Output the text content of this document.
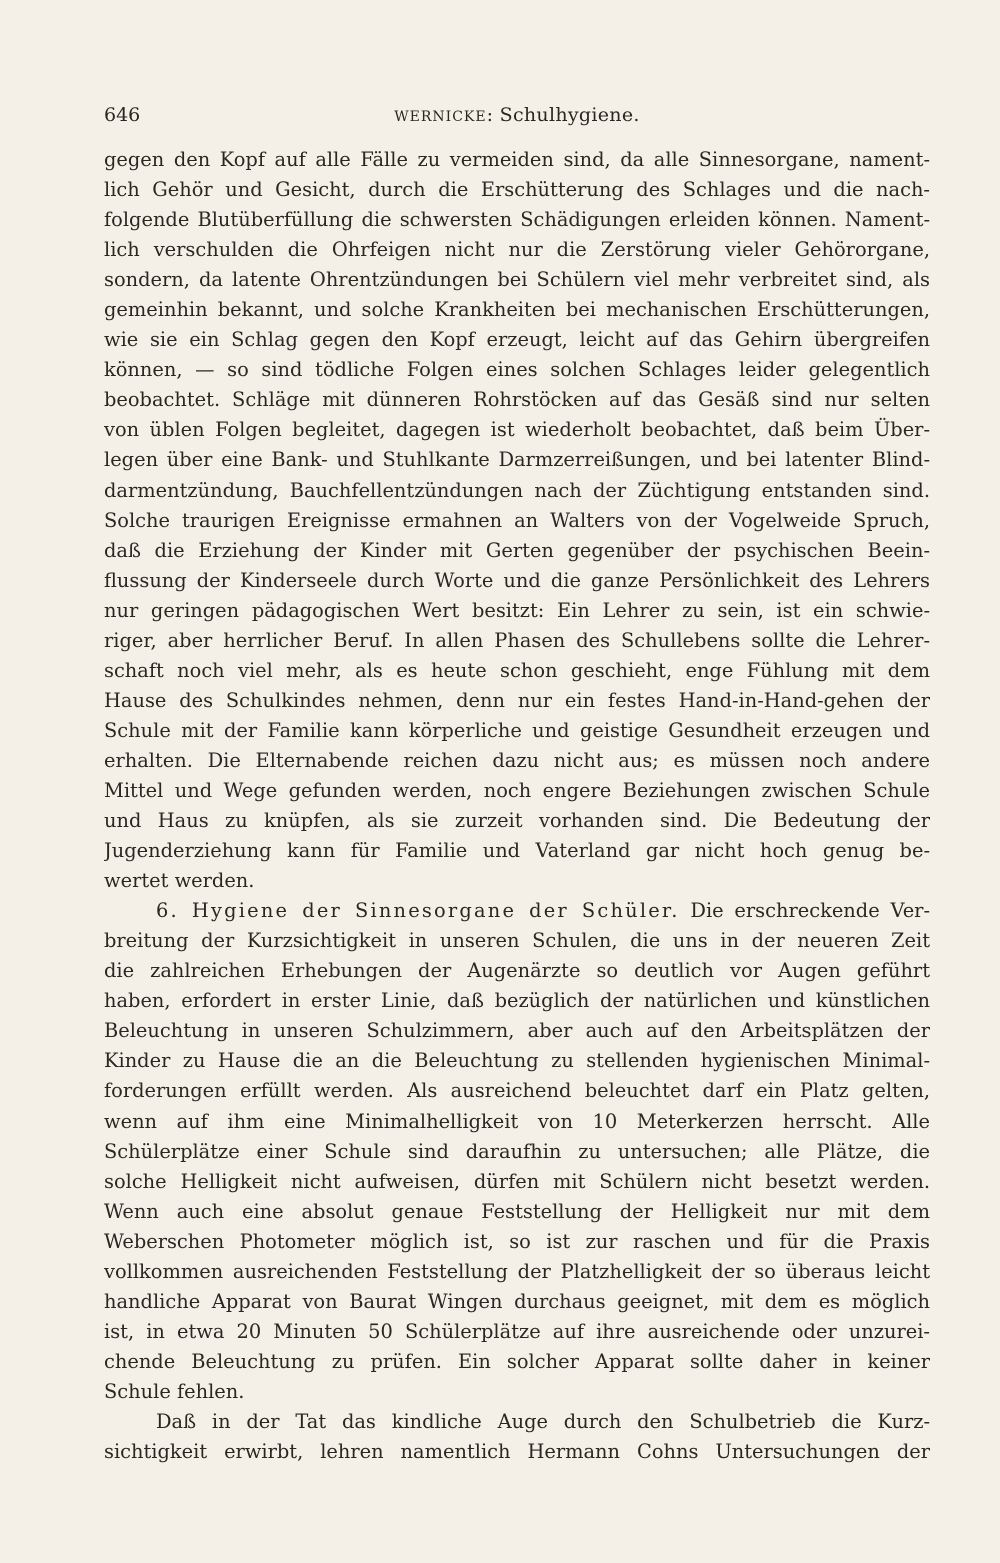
646	WERNICKE: Schulhygiene.
gegen den Kopf auf alle Fälle zu vermeiden sind, da alle Sinnesorgane, nament-
lich Gehör und Gesicht, durch die Erschütterung des Schlages und die nach-
folgende Blutüberfüllung die schwersten Schädigungen erleiden können. Nament-
lich verschulden die Ohrfeigen nicht nur die Zerstörung vieler Gehörorgane,
sondern, da latente Ohrentzündungen bei Schülern viel mehr verbreitet sind, als
gemeinhin bekannt, und solche Krankheiten bei mechanischen Erschütterungen,
wie sie ein Schlag gegen den Kopf erzeugt, leicht auf das Gehirn übergreifen
können, — so sind tödliche Folgen eines solchen Schlages leider gelegentlich
beobachtet. Schläge mit dünneren Rohrstöcken auf das Gesäß sind nur selten
von üblen Folgen begleitet, dagegen ist wiederholt beobachtet, daß beim Über-
legen über eine Bank- und Stuhlkante Darmzerreißungen, und bei latenter Blind-
darmentzündung, Bauchfellentzündungen nach der Züchtigung entstanden sind.
Solche traurigen Ereignisse ermahnen an Walters von der Vogelweide Spruch,
daß die Erziehung der Kinder mit Gerten gegenüber der psychischen Beein-
flussung der Kinderseele durch Worte und die ganze Persönlichkeit des Lehrers
nur geringen pädagogischen Wert besitzt: Ein Lehrer zu sein, ist ein schwie-
riger, aber herrlicher Beruf. In allen Phasen des Schullebens sollte die Lehrer-
schaft noch viel mehr, als es heute schon geschieht, enge Fühlung mit dem
Hause des Schulkindes nehmen, denn nur ein festes Hand-in-Hand-gehen der
Schule mit der Familie kann körperliche und geistige Gesundheit erzeugen und
erhalten. Die Elternabende reichen dazu nicht aus; es müssen noch andere
Mittel und Wege gefunden werden, noch engere Beziehungen zwischen Schule
und Haus zu knüpfen, als sie zurzeit vorhanden sind. Die Bedeutung der
Jugenderziehung kann für Familie und Vaterland gar nicht hoch genug be-
wertet werden.
6. Hygiene der Sinnesorgane der Schüler. Die erschreckende Ver-
breitung der Kurzsichtigkeit in unseren Schulen, die uns in der neueren Zeit
die zahlreichen Erhebungen der Augenärzte so deutlich vor Augen geführt
haben, erfordert in erster Linie, daß bezüglich der natürlichen und künstlichen
Beleuchtung in unseren Schulzimmern, aber auch auf den Arbeitsplätzen der
Kinder zu Hause die an die Beleuchtung zu stellenden hygienischen Minimal-
forderungen erfüllt werden. Als ausreichend beleuchtet darf ein Platz gelten,
wenn auf ihm eine Minimalhelligkeit von 10 Meterkerzen herrscht. Alle
Schülerplätze einer Schule sind daraufhin zu untersuchen; alle Plätze, die
solche Helligkeit nicht aufweisen, dürfen mit Schülern nicht besetzt werden.
Wenn auch eine absolut genaue Feststellung der Helligkeit nur mit dem
Weberschen Photometer möglich ist, so ist zur raschen und für die Praxis
vollkommen ausreichenden Feststellung der Platzhelligkeit der so überaus leicht
handliche Apparat von Baurat Wingen durchaus geeignet, mit dem es möglich
ist, in etwa 20 Minuten 50 Schülerplätze auf ihre ausreichende oder unzurei-
chende Beleuchtung zu prüfen. Ein solcher Apparat sollte daher in keiner
Schule fehlen.
Daß in der Tat das kindliche Auge durch den Schulbetrieb die Kurz-
sichtigkeit erwirbt, lehren namentlich Hermann Cohns Untersuchungen der
